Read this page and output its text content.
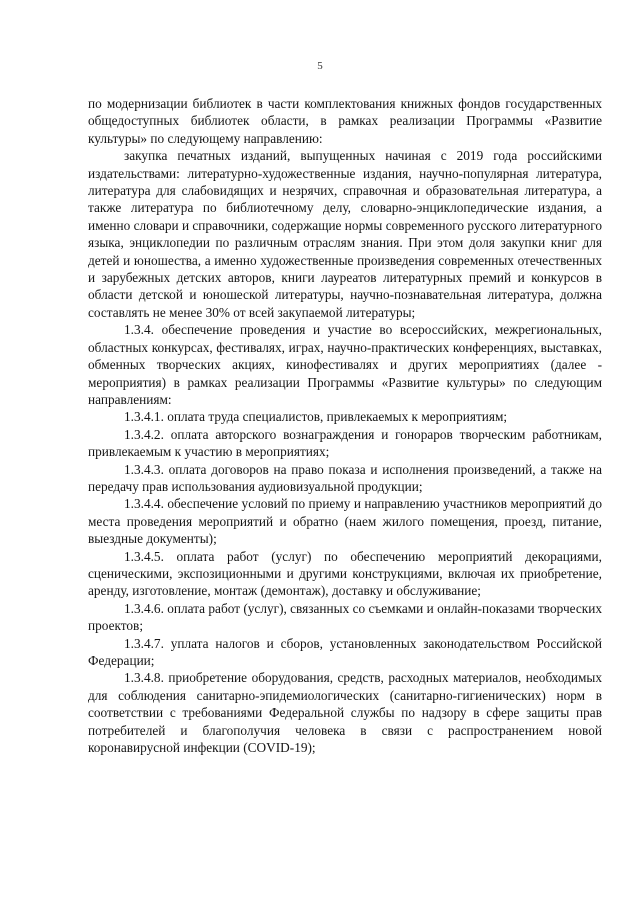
5

по модернизации библиотек в части комплектования книжных фондов государственных общедоступных библиотек области, в рамках реализации Программы «Развитие культуры» по следующему направлению:

закупка печатных изданий, выпущенных начиная с 2019 года российскими издательствами: литературно-художественные издания, научно-популярная литература, литература для слабовидящих и незрячих, справочная и образовательная литература, а также литература по библиотечному делу, словарно-энциклопедические издания, а именно словари и справочники, содержащие нормы современного русского литературного языка, энциклопедии по различным отраслям знания. При этом доля закупки книг для детей и юношества, а именно художественные произведения современных отечественных и зарубежных детских авторов, книги лауреатов литературных премий и конкурсов в области детской и юношеской литературы, научно-познавательная литература, должна составлять не менее 30% от всей закупаемой литературы;

1.3.4. обеспечение проведения и участие во всероссийских, межрегиональных, областных конкурсах, фестивалях, играх, научно-практических конференциях, выставках, обменных творческих акциях, кинофестивалях и других мероприятиях (далее - мероприятия) в рамках реализации Программы «Развитие культуры» по следующим направлениям:

1.3.4.1. оплата труда специалистов, привлекаемых к мероприятиям;

1.3.4.2. оплата авторского вознаграждения и гонораров творческим работникам, привлекаемым к участию в мероприятиях;

1.3.4.3. оплата договоров на право показа и исполнения произведений, а также на передачу прав использования аудиовизуальной продукции;

1.3.4.4. обеспечение условий по приему и направлению участников мероприятий до места проведения мероприятий и обратно (наем жилого помещения, проезд, питание, выездные документы);

1.3.4.5. оплата работ (услуг) по обеспечению мероприятий декорациями, сценическими, экспозиционными и другими конструкциями, включая их приобретение, аренду, изготовление, монтаж (демонтаж), доставку и обслуживание;

1.3.4.6. оплата работ (услуг), связанных со съемками и онлайн-показами творческих проектов;

1.3.4.7. уплата налогов и сборов, установленных законодательством Российской Федерации;

1.3.4.8. приобретение оборудования, средств, расходных материалов, необходимых для соблюдения санитарно-эпидемиологических (санитарно-гигиенических) норм в соответствии с требованиями Федеральной службы по надзору в сфере защиты прав потребителей и благополучия человека в связи с распространением новой коронавирусной инфекции (COVID-19);
